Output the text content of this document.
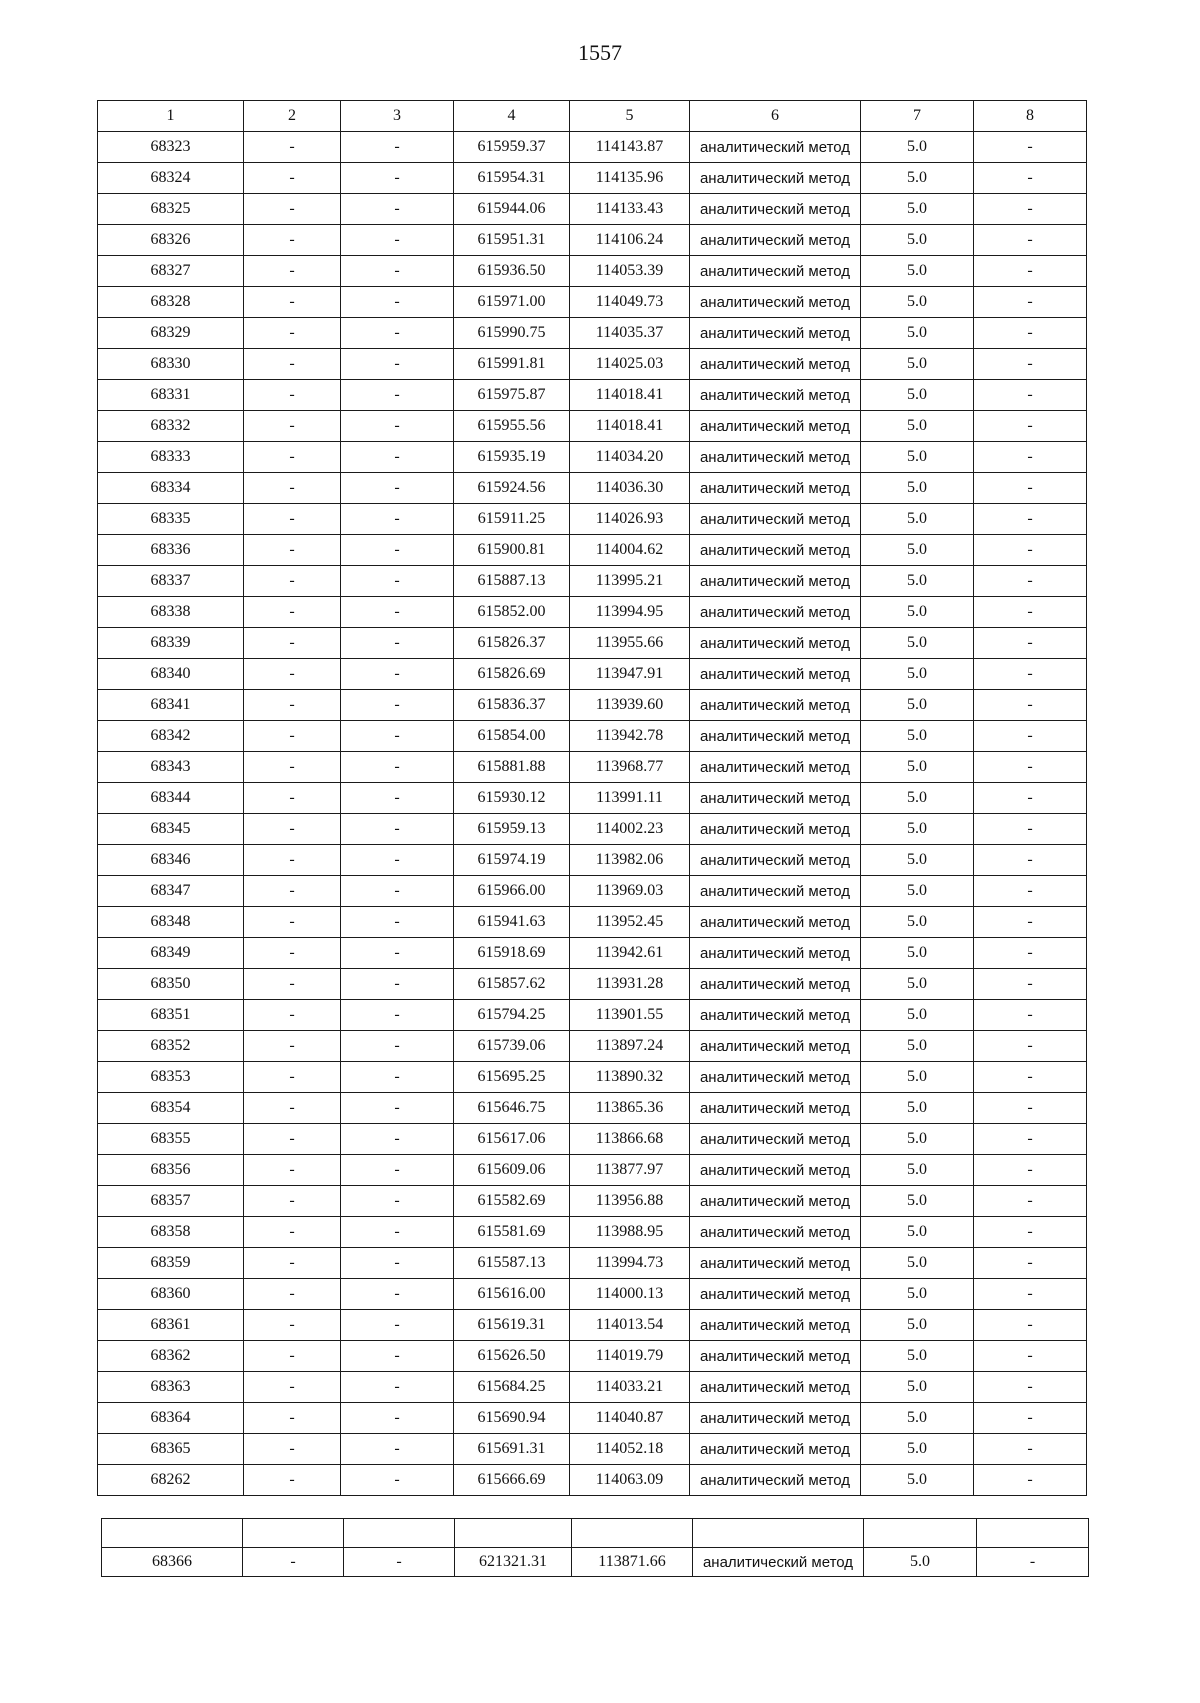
1557
1	2	3	4	5	6	7	8
68323	-	-	615959.37	114143.87	аналитический метод	5.0	-
68324	-	-	615954.31	114135.96	аналитический метод	5.0	-
68325	-	-	615944.06	114133.43	аналитический метод	5.0	-
68326	-	-	615951.31	114106.24	аналитический метод	5.0	-
68327	-	-	615936.50	114053.39	аналитический метод	5.0	-
68328	-	-	615971.00	114049.73	аналитический метод	5.0	-
68329	-	-	615990.75	114035.37	аналитический метод	5.0	-
68330	-	-	615991.81	114025.03	аналитический метод	5.0	-
68331	-	-	615975.87	114018.41	аналитический метод	5.0	-
68332	-	-	615955.56	114018.41	аналитический метод	5.0	-
68333	-	-	615935.19	114034.20	аналитический метод	5.0	-
68334	-	-	615924.56	114036.30	аналитический метод	5.0	-
68335	-	-	615911.25	114026.93	аналитический метод	5.0	-
68336	-	-	615900.81	114004.62	аналитический метод	5.0	-
68337	-	-	615887.13	113995.21	аналитический метод	5.0	-
68338	-	-	615852.00	113994.95	аналитический метод	5.0	-
68339	-	-	615826.37	113955.66	аналитический метод	5.0	-
68340	-	-	615826.69	113947.91	аналитический метод	5.0	-
68341	-	-	615836.37	113939.60	аналитический метод	5.0	-
68342	-	-	615854.00	113942.78	аналитический метод	5.0	-
68343	-	-	615881.88	113968.77	аналитический метод	5.0	-
68344	-	-	615930.12	113991.11	аналитический метод	5.0	-
68345	-	-	615959.13	114002.23	аналитический метод	5.0	-
68346	-	-	615974.19	113982.06	аналитический метод	5.0	-
68347	-	-	615966.00	113969.03	аналитический метод	5.0	-
68348	-	-	615941.63	113952.45	аналитический метод	5.0	-
68349	-	-	615918.69	113942.61	аналитический метод	5.0	-
68350	-	-	615857.62	113931.28	аналитический метод	5.0	-
68351	-	-	615794.25	113901.55	аналитический метод	5.0	-
68352	-	-	615739.06	113897.24	аналитический метод	5.0	-
68353	-	-	615695.25	113890.32	аналитический метод	5.0	-
68354	-	-	615646.75	113865.36	аналитический метод	5.0	-
68355	-	-	615617.06	113866.68	аналитический метод	5.0	-
68356	-	-	615609.06	113877.97	аналитический метод	5.0	-
68357	-	-	615582.69	113956.88	аналитический метод	5.0	-
68358	-	-	615581.69	113988.95	аналитический метод	5.0	-
68359	-	-	615587.13	113994.73	аналитический метод	5.0	-
68360	-	-	615616.00	114000.13	аналитический метод	5.0	-
68361	-	-	615619.31	114013.54	аналитический метод	5.0	-
68362	-	-	615626.50	114019.79	аналитический метод	5.0	-
68363	-	-	615684.25	114033.21	аналитический метод	5.0	-
68364	-	-	615690.94	114040.87	аналитический метод	5.0	-
68365	-	-	615691.31	114052.18	аналитический метод	5.0	-
68262	-	-	615666.69	114063.09	аналитический метод	5.0	-

68366	-	-	621321.31	113871.66	аналитический метод	5.0	-
